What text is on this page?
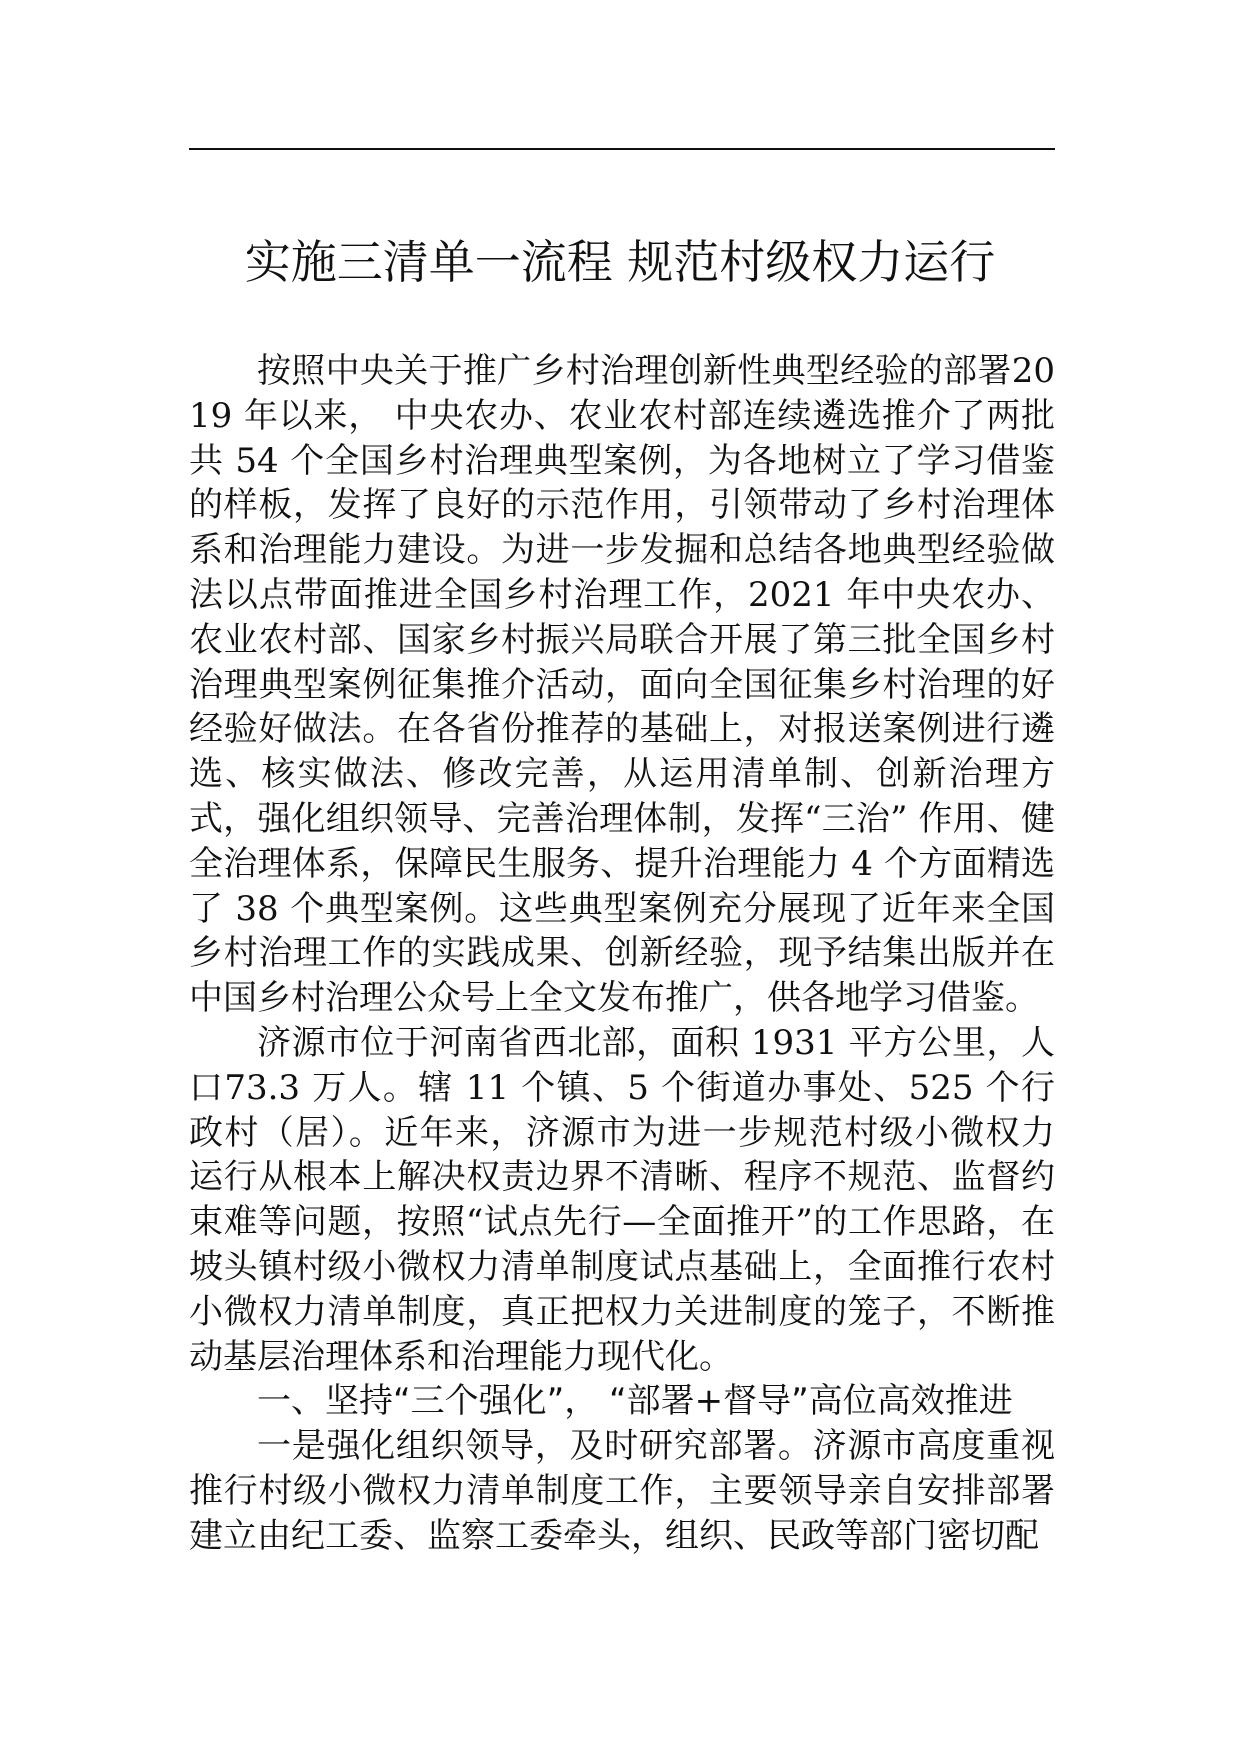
实施三清单一流程 规范村级权力运行

按照中央关于推广乡村治理创新性典型经验的部署2019 年以来， 中央农办、农业农村部连续遴选推介了两批共 54 个全国乡村治理典型案例，为各地树立了学习借鉴的样板，发挥了良好的示范作用，引领带动了乡村治理体系和治理能力建设。为进一步发掘和总结各地典型经验做法以点带面推进全国乡村治理工作，2021 年中央农办、农业农村部、国家乡村振兴局联合开展了第三批全国乡村治理典型案例征集推介活动，面向全国征集乡村治理的好经验好做法。在各省份推荐的基础上，对报送案例进行遴选、核实做法、修改完善，从运用清单制、创新治理方式，强化组织领导、完善治理体制，发挥“三治” 作用、健全治理体系，保障民生服务、提升治理能力 4 个方面精选了 38 个典型案例。这些典型案例充分展现了近年来全国乡村治理工作的实践成果、创新经验，现予结集出版并在中国乡村治理公众号上全文发布推广，供各地学习借鉴。

济源市位于河南省西北部，面积 1931 平方公里，人口73.3 万人。辖 11 个镇、5 个街道办事处、525 个行政村（居）。近年来，济源市为进一步规范村级小微权力运行从根本上解决权责边界不清晰、程序不规范、监督约束难等问题，按照“试点先行—全面推开”的工作思路，在坡头镇村级小微权力清单制度试点基础上，全面推行农村小微权力清单制度，真正把权力关进制度的笼子，不断推动基层治理体系和治理能力现代化。

一、坚持“三个强化”， “部署+督导”高位高效推进

一是强化组织领导，及时研究部署。济源市高度重视推行村级小微权力清单制度工作，主要领导亲自安排部署建立由纪工委、监察工委牵头，组织、民政等部门密切配
